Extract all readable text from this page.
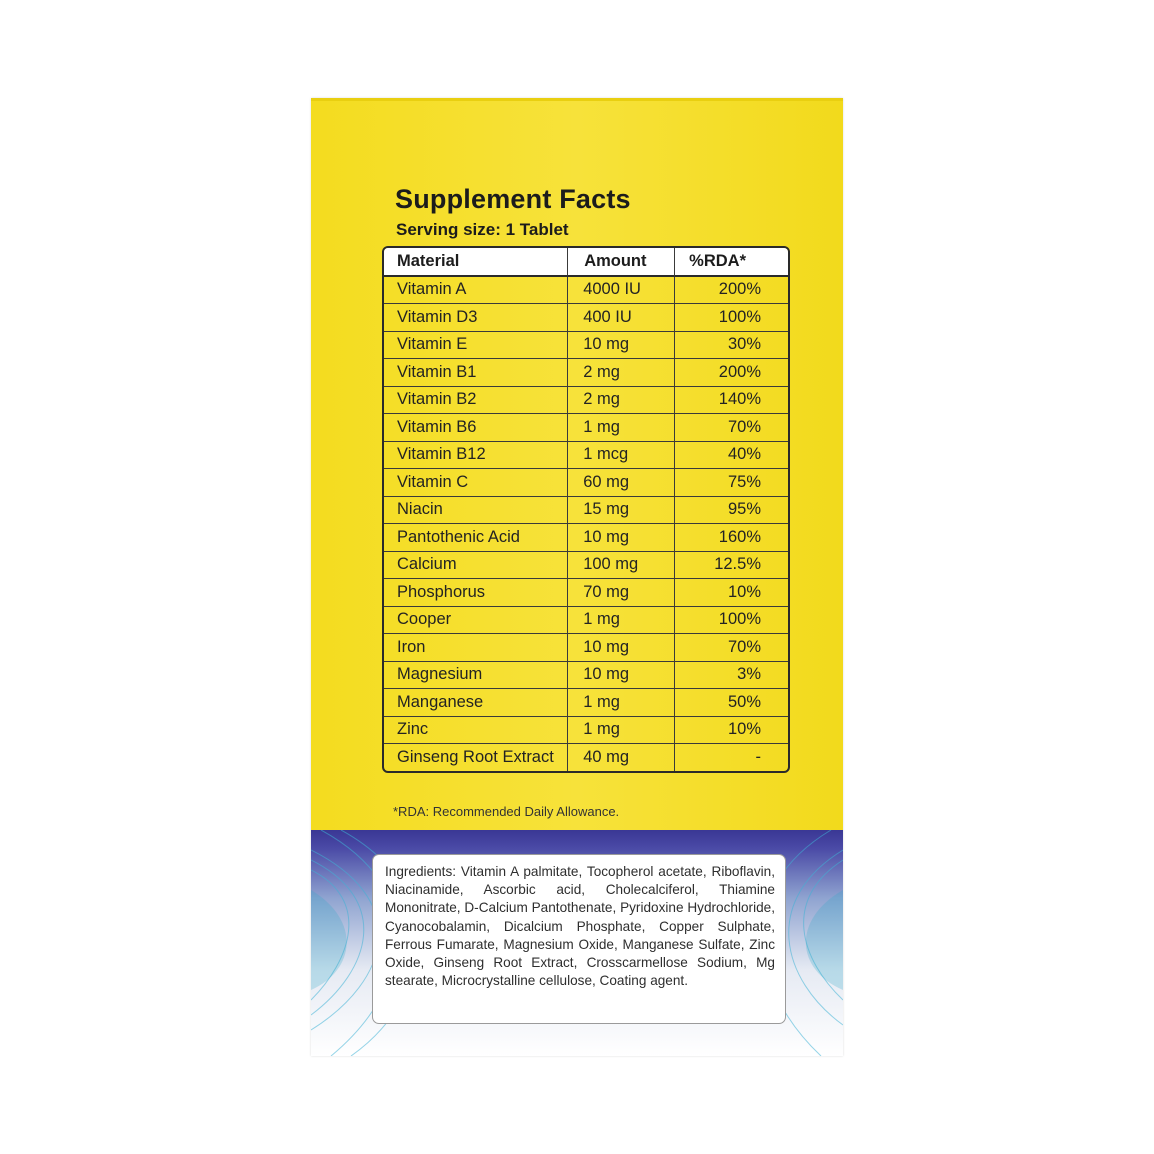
Supplement Facts
Serving size: 1 Tablet
Material	Amount	%RDA*
Vitamin A	4000 IU	200%
Vitamin D3	400 IU	100%
Vitamin E	10 mg	30%
Vitamin B1	2 mg	200%
Vitamin B2	2 mg	140%
Vitamin B6	1 mg	70%
Vitamin B12	1 mcg	40%
Vitamin C	60 mg	75%
Niacin	15 mg	95%
Pantothenic Acid	10 mg	160%
Calcium	100 mg	12.5%
Phosphorus	70 mg	10%
Cooper	1 mg	100%
Iron	10 mg	70%
Magnesium	10 mg	3%
Manganese	1 mg	50%
Zinc	1 mg	10%
Ginseng Root Extract	40 mg	-
*RDA: Recommended Daily Allowance.
Ingredients: Vitamin A palmitate, Tocopherol acetate, Riboflavin, Niacinamide, Ascorbic acid, Cholecalciferol, Thiamine Mononitrate, D-Calcium Pantothenate, Pyridoxine Hydrochloride, Cyanocobalamin, Dicalcium Phosphate, Copper Sulphate, Ferrous Fumarate, Magnesium Oxide, Manganese Sulfate, Zinc Oxide, Ginseng Root Extract, Crosscarmellose Sodium, Mg stearate, Microcrystalline cellulose, Coating agent.
